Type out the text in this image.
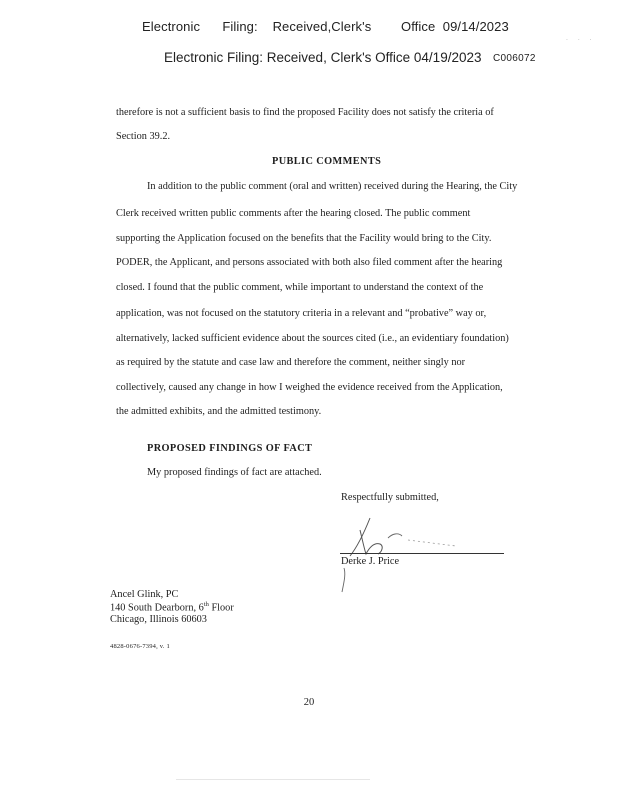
Electronic      Filing:    Received,Clerk's        Office  09/14/2023
· · ·
Electronic Filing: Received, Clerk's Office 04/19/2023 C006072
therefore is not a sufficient basis to find the proposed Facility does not satisfy the criteria of
Section 39.2.
PUBLIC COMMENTS
In addition to the public comment (oral and written) received during the Hearing, the City
Clerk received written public comments after the hearing closed. The public comment
supporting the Application focused on the benefits that the Facility would bring to the City.
PODER, the Applicant, and persons associated with both also filed comment after the hearing
closed. I found that the public comment, while important to understand the context of the
application, was not focused on the statutory criteria in a relevant and “probative” way or,
alternatively, lacked sufficient evidence about the sources cited (i.e., an evidentiary foundation)
as required by the statute and case law and therefore the comment, neither singly nor
collectively, caused any change in how I weighed the evidence received from the Application,
the admitted exhibits, and the admitted testimony.
PROPOSED FINDINGS OF FACT
My proposed findings of fact are attached.
Respectfully submitted,
Derke J. Price
Ancel Glink, PC
140 South Dearborn, 6th Floor
Chicago, Illinois 60603
4828-0676-7394, v. 1
20
